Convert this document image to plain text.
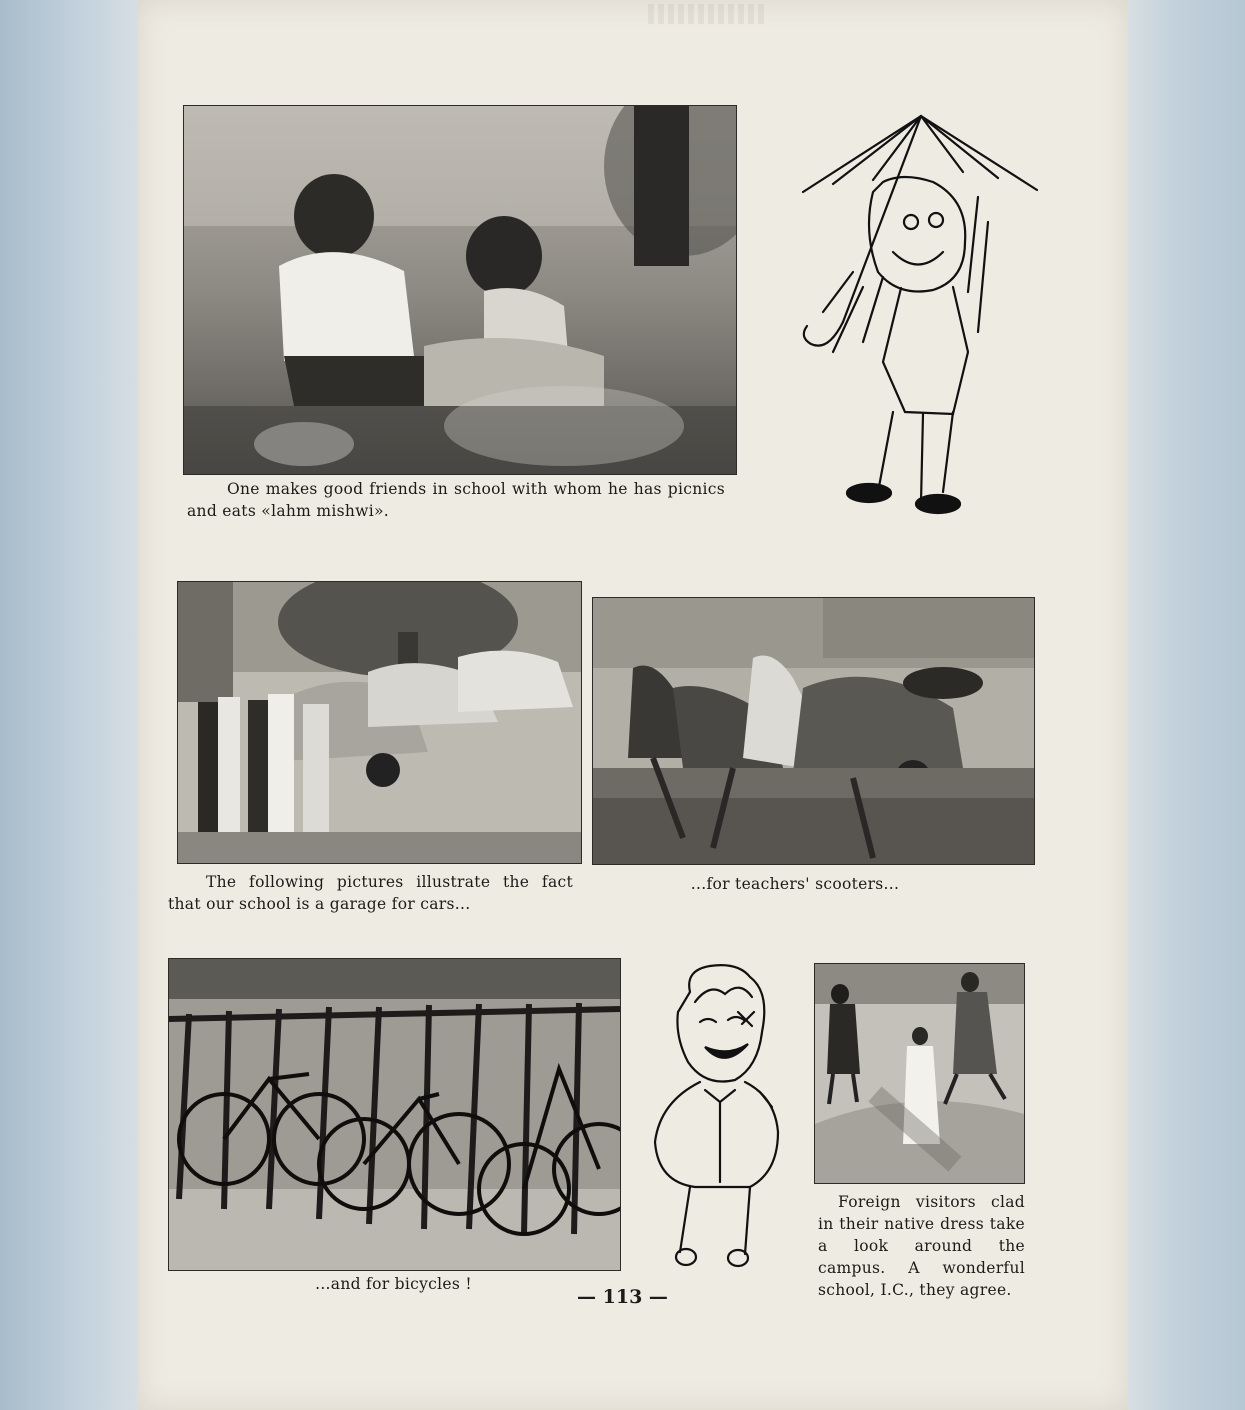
One makes good friends in school with whom he has picnics and eats «lahm mishwi».
The following pictures illustrate the fact that our school is a garage for cars...
...for teachers' scooters...
...and for bicycles !
Foreign visitors clad in their native dress take a look around the campus. A wonderful school, I.C., they agree.
— 113 —
